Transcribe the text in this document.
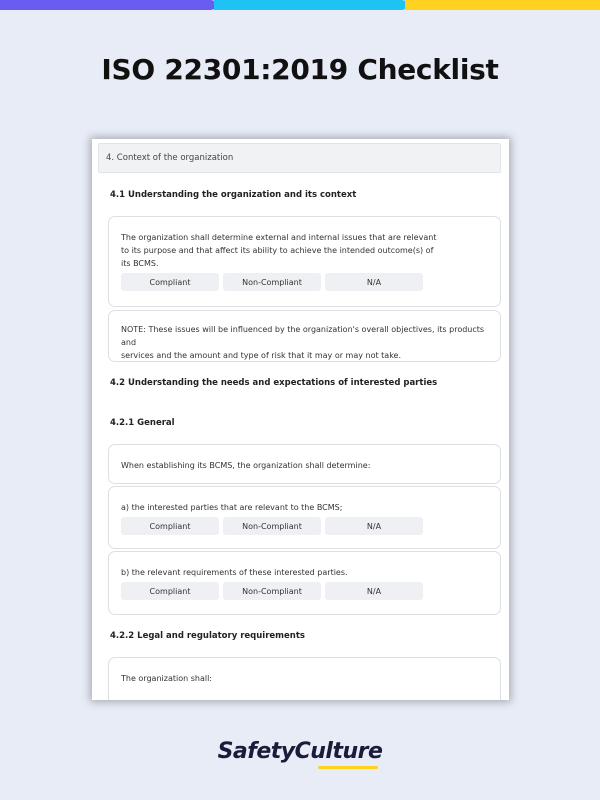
ISO 22301:2019 Checklist
4. Context of the organization
4.1 Understanding the organization and its context
The organization shall determine external and internal issues that are relevant
to its purpose and that affect its ability to achieve the intended outcome(s) of
its BCMS.
Compliant	Non-Compliant	N/A
NOTE: These issues will be influenced by the organization's overall objectives, its products and
services and the amount and type of risk that it may or may not take.
4.2 Understanding the needs and expectations of interested parties
4.2.1 General
When establishing its BCMS, the organization shall determine:
a) the interested parties that are relevant to the BCMS;
Compliant	Non-Compliant	N/A
b) the relevant requirements of these interested parties.
Compliant	Non-Compliant	N/A
4.2.2 Legal and regulatory requirements
The organization shall:
SafetyCulture
